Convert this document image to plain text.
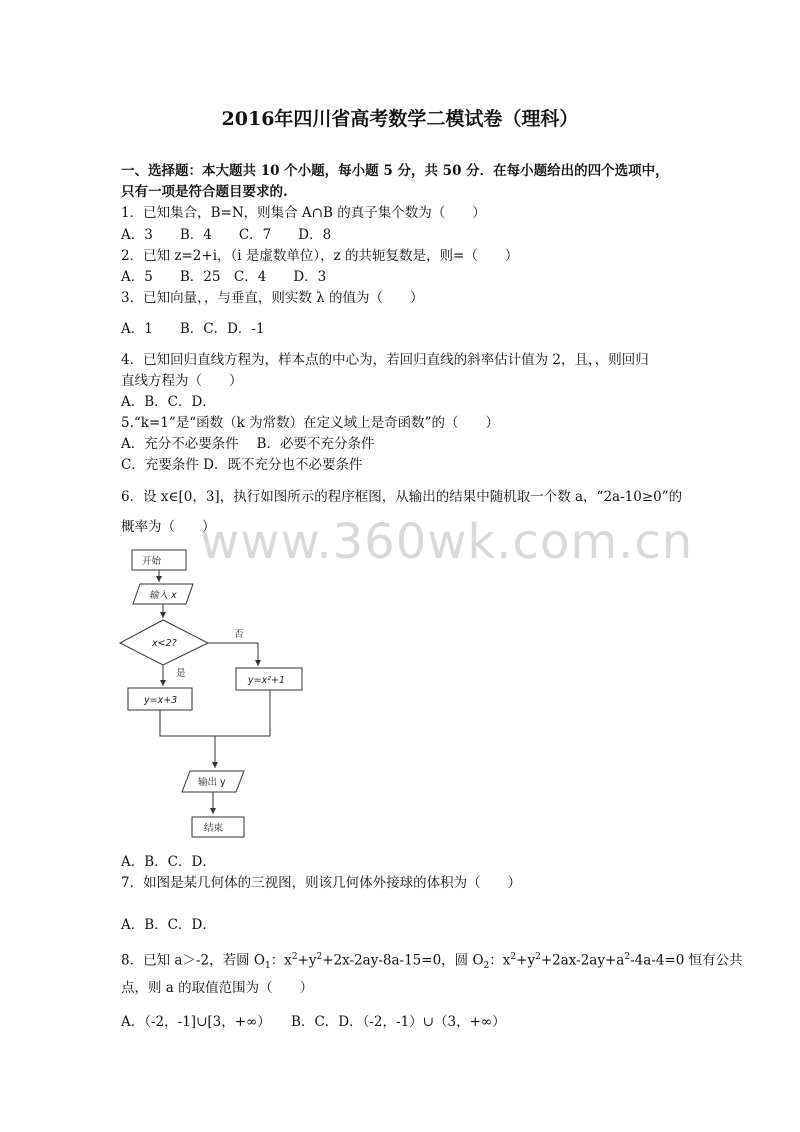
2016年四川省高考数学二模试卷（理科）
一、选择题：本大题共 10 个小题，每小题 5 分，共 50 分．在每小题给出的四个选项中，
只有一项是符合题目要求的.
1．已知集合，B=N，则集合 A∩B 的真子集个数为（　　）
A．3　　B．4　　C．7　　D．8
2．已知 z=2+i，（i 是虚数单位），z 的共轭复数是，则=（　　）
A．5　　B．25　C．4　　D．3
3．已知向量，，与垂直，则实数 λ 的值为（　　）
A．1　　B．C．D．-1
4．已知回归直线方程为，样本点的中心为，若回归直线的斜率估计值为 2，且，，则回归
直线方程为（　　）
A．B．C．D．
5.“k=1”是“函数（k 为常数）在定义域上是奇函数”的（　　）
A．充分不必要条件　 B．必要不充分条件
C．充要条件 D．既不充分也不必要条件
6．设 x∈[0，3]，执行如图所示的程序框图，从输出的结果中随机取一个数 a，“2a-10≥0”的
概率为（　　）
www.360wk.com.cn
开始
输入 x
x<2?
否
是
y=x+3
y=x²+1
输出 y
结束
A．B．C．D．
7．如图是某几何体的三视图，则该几何体外接球的体积为（　　）
A．B．C．D．
8．已知 a＞-2，若圆 $O_1$：$x^2+y^2+2x-2ay-8a-15=0$，圆 $O_2$：$x^2+y^2+2ax-2ay+a^2-4a-4=0$ 恒有公共
点，则 a 的取值范围为（　　）
A．（-2，-1]∪[3，+∞）　　B．C．D．（-2，-1）∪（3，+∞）
